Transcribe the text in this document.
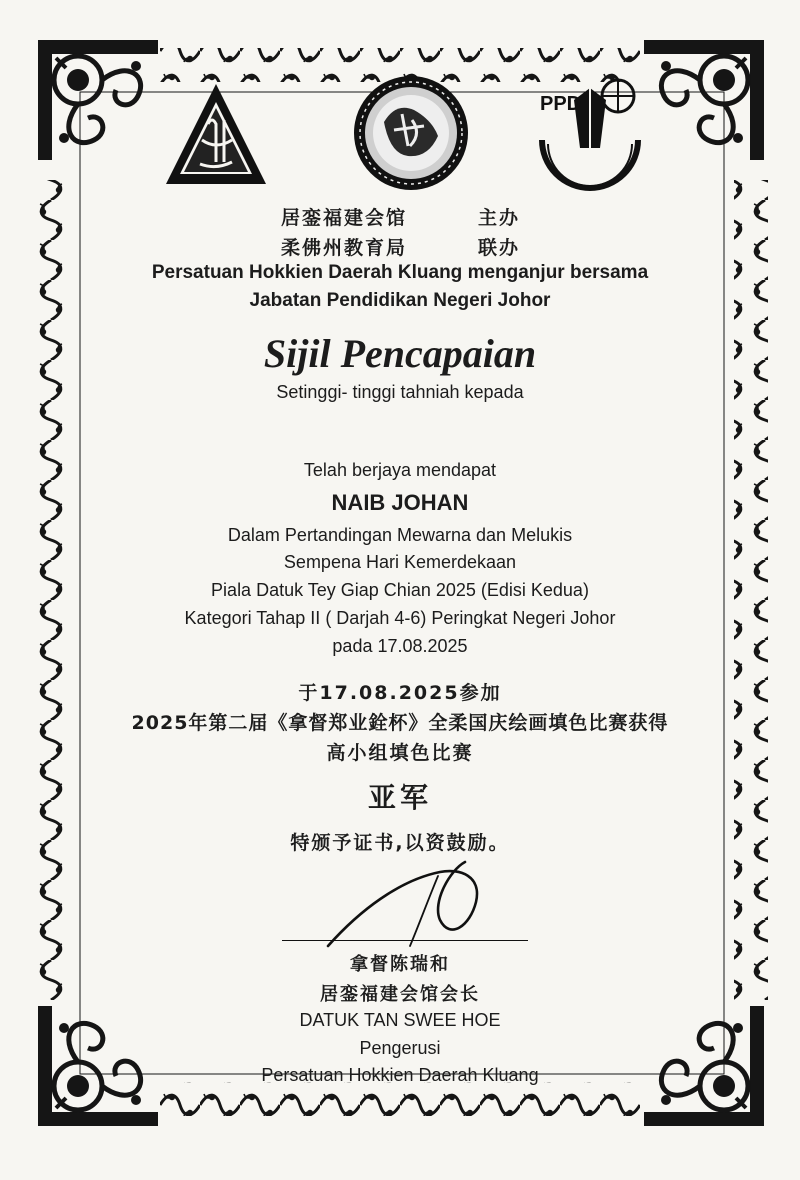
PPD
居銮福建会馆	主办
柔佛州教育局	联办
Persatuan Hokkien Daerah Kluang menganjur bersama
Jabatan Pendidikan Negeri Johor
Sijil Pencapaian
Setinggi- tinggi tahniah kepada
Telah berjaya mendapat
NAIB JOHAN
Dalam Pertandingan Mewarna dan Melukis
Sempena Hari Kemerdekaan
Piala Datuk Tey Giap Chian 2025 (Edisi Kedua)
Kategori Tahap II ( Darjah 4-6) Peringkat Negeri Johor
pada 17.08.2025
于17.08.2025参加
2025年第二届《拿督郑业銓杯》全柔国庆绘画填色比赛获得
高小组填色比赛
亚军
特颁予证书,以资鼓励。
拿督陈瑞和
居銮福建会馆会长
DATUK TAN SWEE HOE
Pengerusi
Persatuan Hokkien Daerah Kluang
